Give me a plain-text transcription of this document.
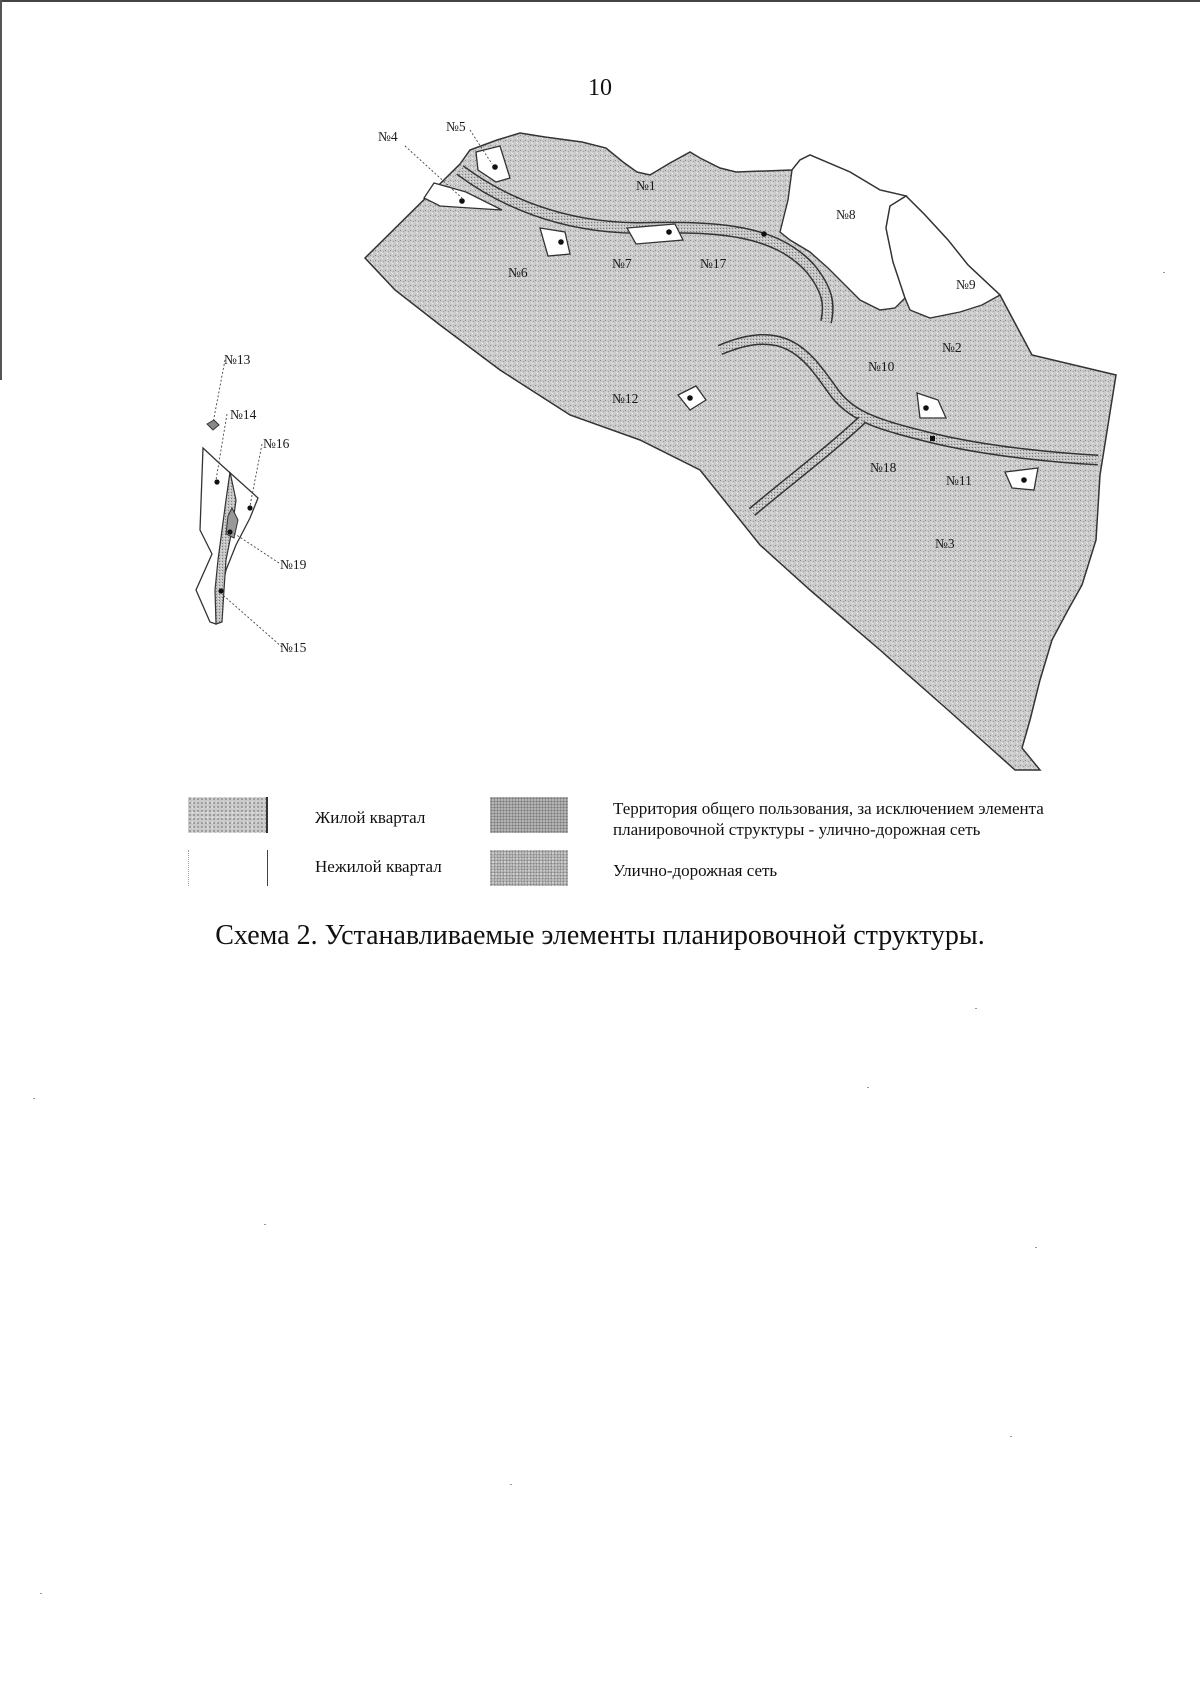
10
№1
№2
№3
№4
№5
№6
№7
№8
№9
№10
№11
№12
№13
№14
№15
№16
№17
№18
№19
Жилой квартал	Территория общего пользования, за исключением элемента
планировочной структуры - улично-дорожная сеть
Нежилой квартал	Улично-дорожная сеть
Схема 2. Устанавливаемые элементы планировочной структуры.
